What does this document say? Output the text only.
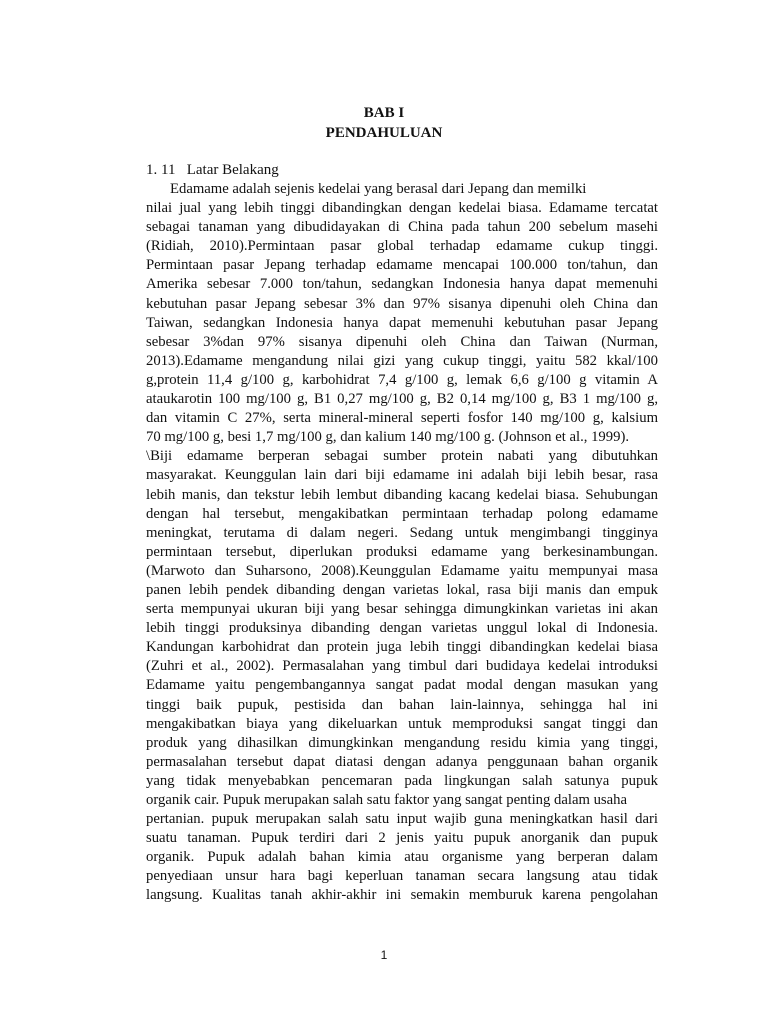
BAB I
PENDAHULUAN
1. 11 Latar Belakang
Edamame adalah sejenis kedelai yang berasal dari Jepang dan memilki
nilai jual yang lebih tinggi dibandingkan dengan kedelai biasa. Edamame tercatat
sebagai tanaman yang dibudidayakan di China pada tahun 200 sebelum masehi
(Ridiah, 2010).Permintaan pasar global terhadap edamame cukup tinggi.
Permintaan pasar Jepang terhadap edamame mencapai 100.000 ton/tahun, dan
Amerika sebesar 7.000 ton/tahun, sedangkan Indonesia hanya dapat memenuhi
kebutuhan pasar Jepang sebesar 3% dan 97% sisanya dipenuhi oleh China dan
Taiwan, sedangkan Indonesia hanya dapat memenuhi kebutuhan pasar Jepang
sebesar 3%dan 97% sisanya dipenuhi oleh China dan Taiwan (Nurman,
2013).Edamame mengandung nilai gizi yang cukup tinggi, yaitu 582 kkal/100
g,protein 11,4 g/100 g, karbohidrat 7,4 g/100 g, lemak 6,6 g/100 g vitamin A
ataukarotin 100 mg/100 g, B1 0,27 mg/100 g, B2 0,14 mg/100 g, B3 1 mg/100 g,
dan vitamin C 27%, serta mineral-mineral seperti fosfor 140 mg/100 g, kalsium
70 mg/100 g, besi 1,7 mg/100 g, dan kalium 140 mg/100 g. (Johnson et al., 1999).
\Biji edamame berperan sebagai sumber protein nabati yang dibutuhkan
masyarakat. Keunggulan lain dari biji edamame ini adalah biji lebih besar, rasa
lebih manis, dan tekstur lebih lembut dibanding kacang kedelai biasa. Sehubungan
dengan hal tersebut, mengakibatkan permintaan terhadap polong edamame
meningkat, terutama di dalam negeri. Sedang untuk mengimbangi tingginya
permintaan tersebut, diperlukan produksi edamame yang berkesinambungan.
(Marwoto dan Suharsono, 2008).Keunggulan Edamame yaitu mempunyai masa
panen lebih pendek dibanding dengan varietas lokal, rasa biji manis dan empuk
serta mempunyai ukuran biji yang besar sehingga dimungkinkan varietas ini akan
lebih tinggi produksinya dibanding dengan varietas unggul lokal di Indonesia.
Kandungan karbohidrat dan protein juga lebih tinggi dibandingkan kedelai biasa
(Zuhri et al., 2002). Permasalahan yang timbul dari budidaya kedelai introduksi
Edamame yaitu pengembangannya sangat padat modal dengan masukan yang
tinggi baik pupuk, pestisida dan bahan lain-lainnya, sehingga hal ini
mengakibatkan biaya yang dikeluarkan untuk memproduksi sangat tinggi dan
produk yang dihasilkan dimungkinkan mengandung residu kimia yang tinggi,
permasalahan tersebut dapat diatasi dengan adanya penggunaan bahan organik
yang tidak menyebabkan pencemaran pada lingkungan salah satunya pupuk
organik cair. Pupuk merupakan salah satu faktor yang sangat penting dalam usaha
pertanian. pupuk merupakan salah satu input wajib guna meningkatkan hasil dari
suatu tanaman. Pupuk terdiri dari 2 jenis yaitu pupuk anorganik dan pupuk
organik. Pupuk adalah bahan kimia atau organisme yang berperan dalam
penyediaan unsur hara bagi keperluan tanaman secara langsung atau tidak
langsung. Kualitas tanah akhir-akhir ini semakin memburuk karena pengolahan
1
